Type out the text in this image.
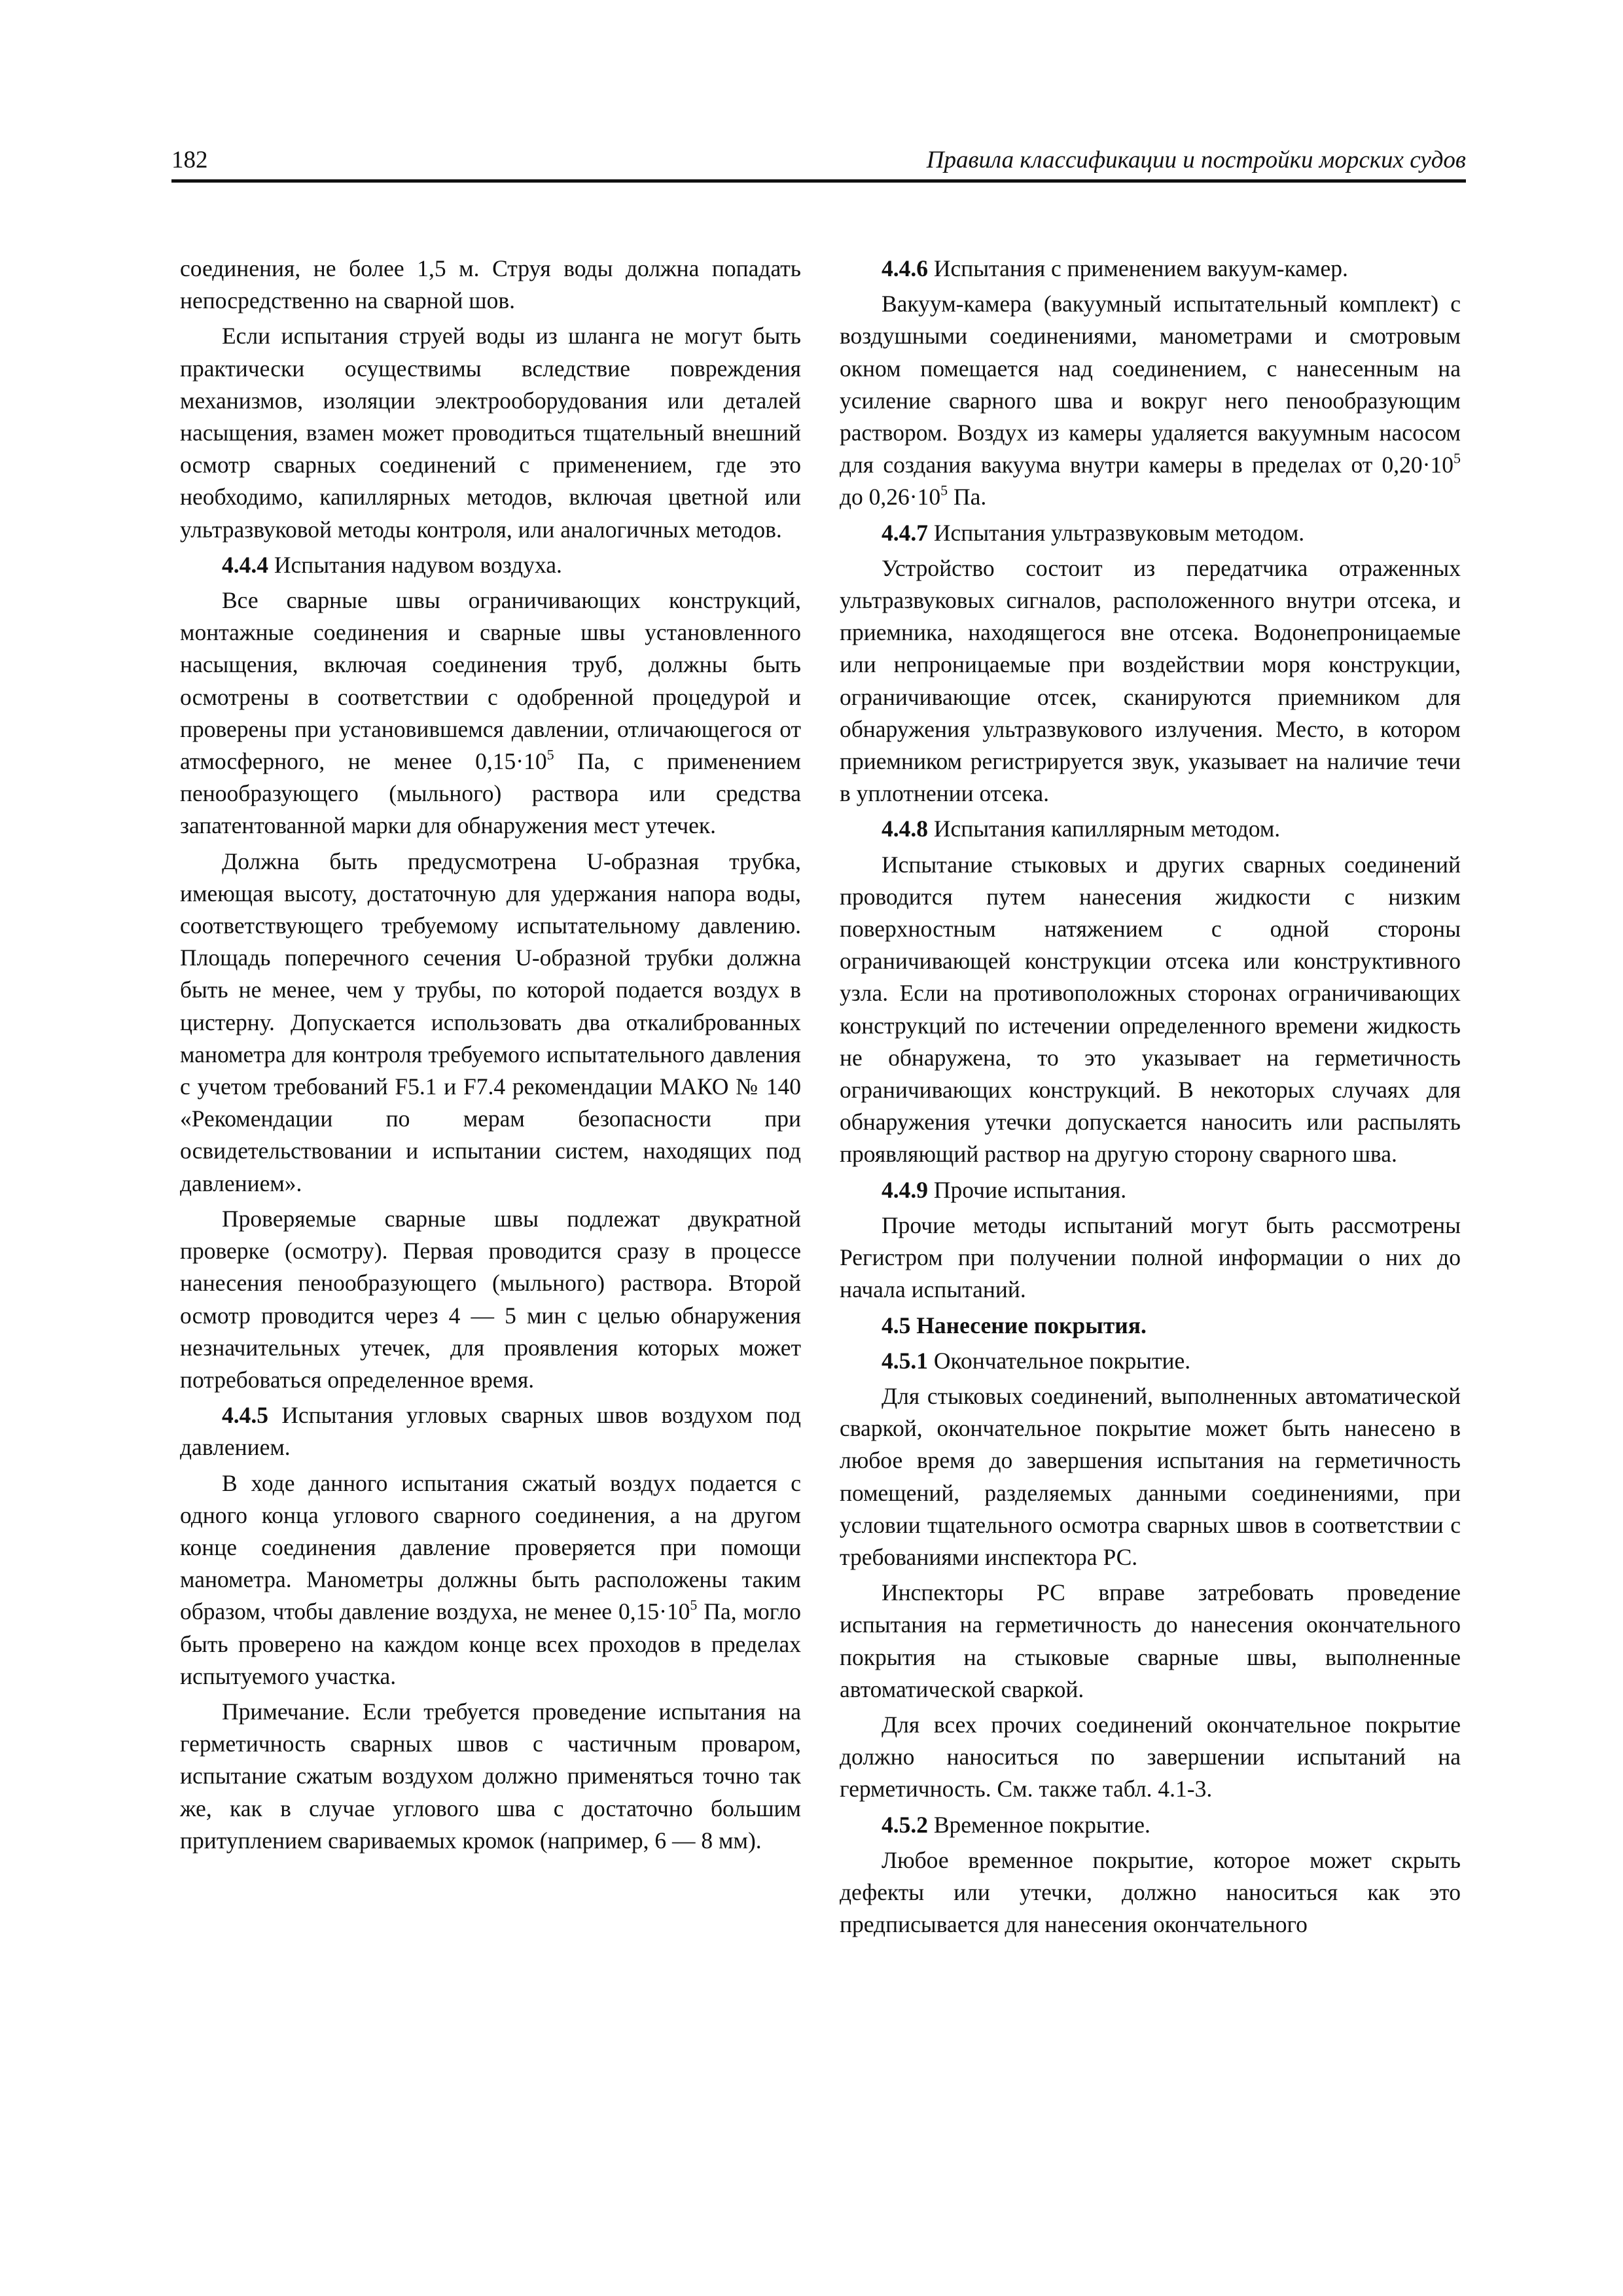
182	Правила классификации и постройки морских судов

соединения, не более 1,5 м. Струя воды должна попадать непосредственно на сварной шов.

Если испытания струей воды из шланга не могут быть практически осуществимы вследствие повреждения механизмов, изоляции электрооборудования или деталей насыщения, взамен может проводиться тщательный внешний осмотр сварных соединений с применением, где это необходимо, капиллярных методов, включая цветной или ультразвуковой методы контроля, или аналогичных методов.

4.4.4 Испытания надувом воздуха.

Все сварные швы ограничивающих конструкций, монтажные соединения и сварные швы установленного насыщения, включая соединения труб, должны быть осмотрены в соответствии с одобренной процедурой и проверены при установившемся давлении, отличающегося от атмосферного, не менее $0,15\cdot 10^5$ Па, с применением пенообразующего (мыльного) раствора или средства запатентованной марки для обнаружения мест утечек.

Должна быть предусмотрена U-образная трубка, имеющая высоту, достаточную для удержания напора воды, соответствующего требуемому испытательному давлению. Площадь поперечного сечения U-образной трубки должна быть не менее, чем у трубы, по которой подается воздух в цистерну. Допускается использовать два откалиброванных манометра для контроля требуемого испытательного давления с учетом требований F5.1 и F7.4 рекомендации МАКО № 140 «Рекомендации по мерам безопасности при освидетельствовании и испытании систем, находящих под давлением».

Проверяемые сварные швы подлежат двукратной проверке (осмотру). Первая проводится сразу в процессе нанесения пенообразующего (мыльного) раствора. Второй осмотр проводится через 4 — 5 мин с целью обнаружения незначительных утечек, для проявления которых может потребоваться определенное время.

4.4.5 Испытания угловых сварных швов воздухом под давлением.

В ходе данного испытания сжатый воздух подается с одного конца углового сварного соединения, а на другом конце соединения давление проверяется при помощи манометра. Манометры должны быть расположены таким образом, чтобы давление воздуха, не менее $0,15\cdot 10^5$ Па, могло быть проверено на каждом конце всех проходов в пределах испытуемого участка.

Примечание. Если требуется проведение испытания на герметичность сварных швов с частичным проваром, испытание сжатым воздухом должно применяться точно так же, как в случае углового шва с достаточно большим притуплением свариваемых кромок (например, 6 — 8 мм).

4.4.6 Испытания с применением вакуум-камер.

Вакуум-камера (вакуумный испытательный комплект) с воздушными соединениями, манометрами и смотровым окном помещается над соединением, с нанесенным на усиление сварного шва и вокруг него пенообразующим раствором. Воздух из камеры удаляется вакуумным насосом для создания вакуума внутри камеры в пределах от $0,20\cdot 10^5$ до $0,26\cdot 10^5$ Па.

4.4.7 Испытания ультразвуковым методом.

Устройство состоит из передатчика отраженных ультразвуковых сигналов, расположенного внутри отсека, и приемника, находящегося вне отсека. Водонепроницаемые или непроницаемые при воздействии моря конструкции, ограничивающие отсек, сканируются приемником для обнаружения ультразвукового излучения. Место, в котором приемником регистрируется звук, указывает на наличие течи в уплотнении отсека.

4.4.8 Испытания капиллярным методом.

Испытание стыковых и других сварных соединений проводится путем нанесения жидкости с низким поверхностным натяжением с одной стороны ограничивающей конструкции отсека или конструктивного узла. Если на противоположных сторонах ограничивающих конструкций по истечении определенного времени жидкость не обнаружена, то это указывает на герметичность ограничивающих конструкций. В некоторых случаях для обнаружения утечки допускается наносить или распылять проявляющий раствор на другую сторону сварного шва.

4.4.9 Прочие испытания.

Прочие методы испытаний могут быть рассмотрены Регистром при получении полной информации о них до начала испытаний.

4.5 Нанесение покрытия.

4.5.1 Окончательное покрытие.

Для стыковых соединений, выполненных автоматической сваркой, окончательное покрытие может быть нанесено в любое время до завершения испытания на герметичность помещений, разделяемых данными соединениями, при условии тщательного осмотра сварных швов в соответствии с требованиями инспектора РС.

Инспекторы РС вправе затребовать проведение испытания на герметичность до нанесения окончательного покрытия на стыковые сварные швы, выполненные автоматической сваркой.

Для всех прочих соединений окончательное покрытие должно наноситься по завершении испытаний на герметичность. См. также табл. 4.1-3.

4.5.2 Временное покрытие.

Любое временное покрытие, которое может скрыть дефекты или утечки, должно наноситься как это предписывается для нанесения окончательного
